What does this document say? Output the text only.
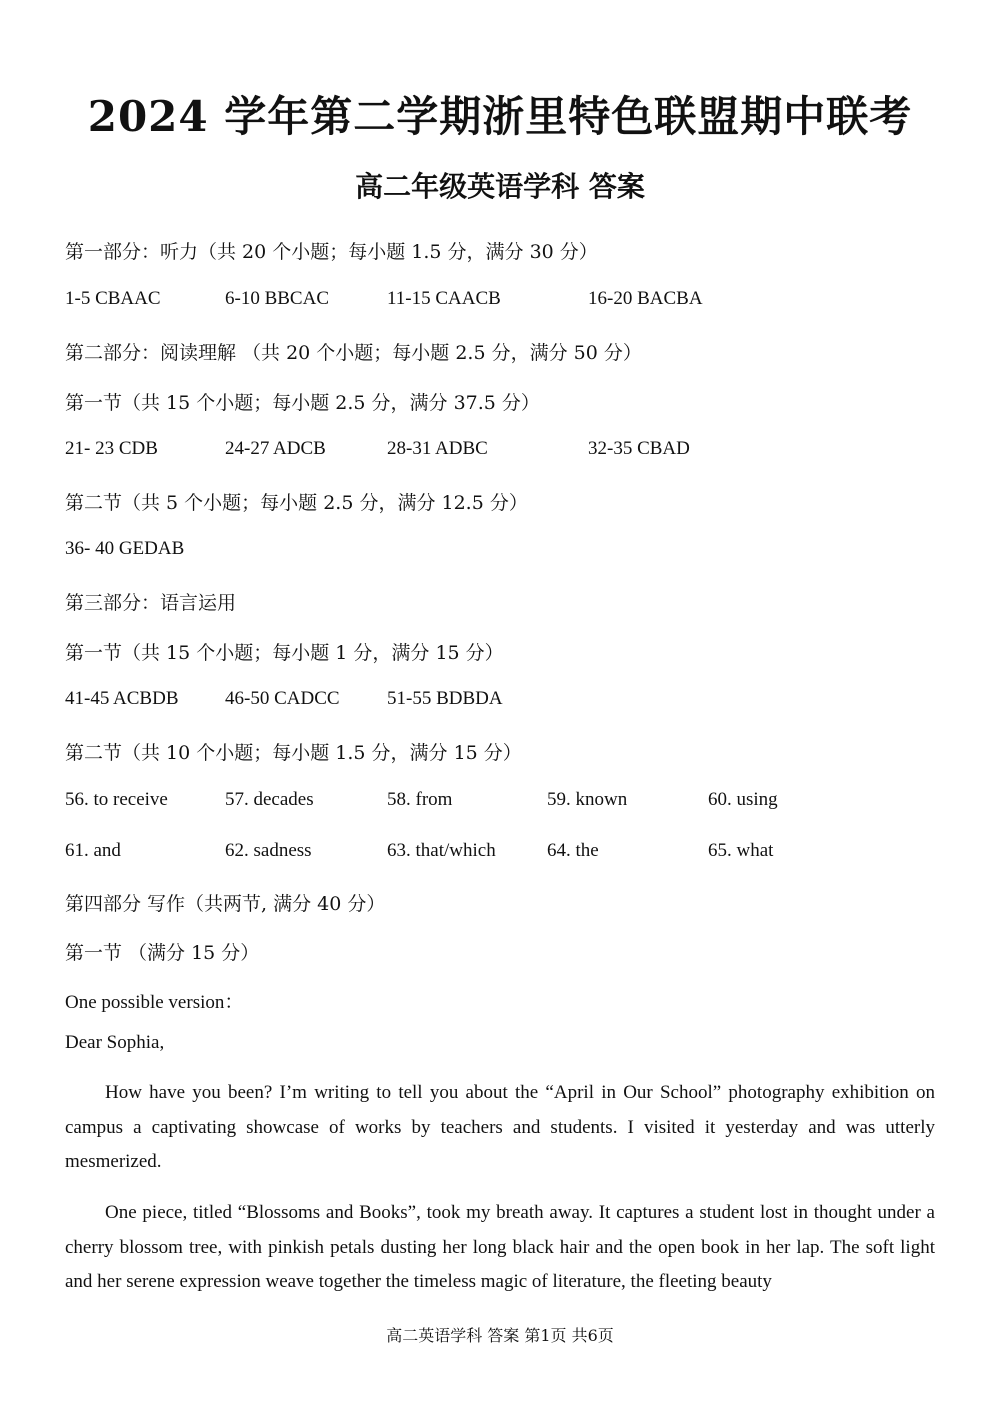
2024 学年第二学期浙里特色联盟期中联考
高二年级英语学科 答案
第一部分：听力（共 20 个小题；每小题 1.5 分，满分 30 分）
1-5 CBAAC	6-10 BBCAC	11-15 CAACB	16-20 BACBA
第二部分：阅读理解 （共 20 个小题；每小题 2.5 分，满分 50 分）
第一节（共 15 个小题；每小题 2.5 分，满分 37.5 分）
21- 23 CDB	24-27 ADCB	28-31 ADBC	32-35 CBAD
第二节（共 5 个小题；每小题 2.5 分，满分 12.5 分）
36- 40 GEDAB
第三部分：语言运用
第一节（共 15 个小题；每小题 1 分，满分 15 分）
41-45 ACBDB 46-50 CADCC 51-55 BDBDA
第二节（共 10 个小题；每小题 1.5 分，满分 15 分）
56. to receive	57. decades	58. from	59. known	60. using
61. and	62. sadness	63. that/which	64. the	65. what
第四部分 写作（共两节, 满分 40 分）
第一节 （满分 15 分）
One possible version：
Dear Sophia,
How have you been? I’m writing to tell you about the “April in Our School” photography exhibition on campus a captivating showcase of works by teachers and students. I visited it yesterday and was utterly mesmerized.
One piece, titled “Blossoms and Books”, took my breath away. It captures a student lost in thought under a cherry blossom tree, with pinkish petals dusting her long black hair and the open book in her lap. The soft light and her serene expression weave together the timeless magic of literature, the fleeting beauty
高二英语学科 答案 第1页 共6页
